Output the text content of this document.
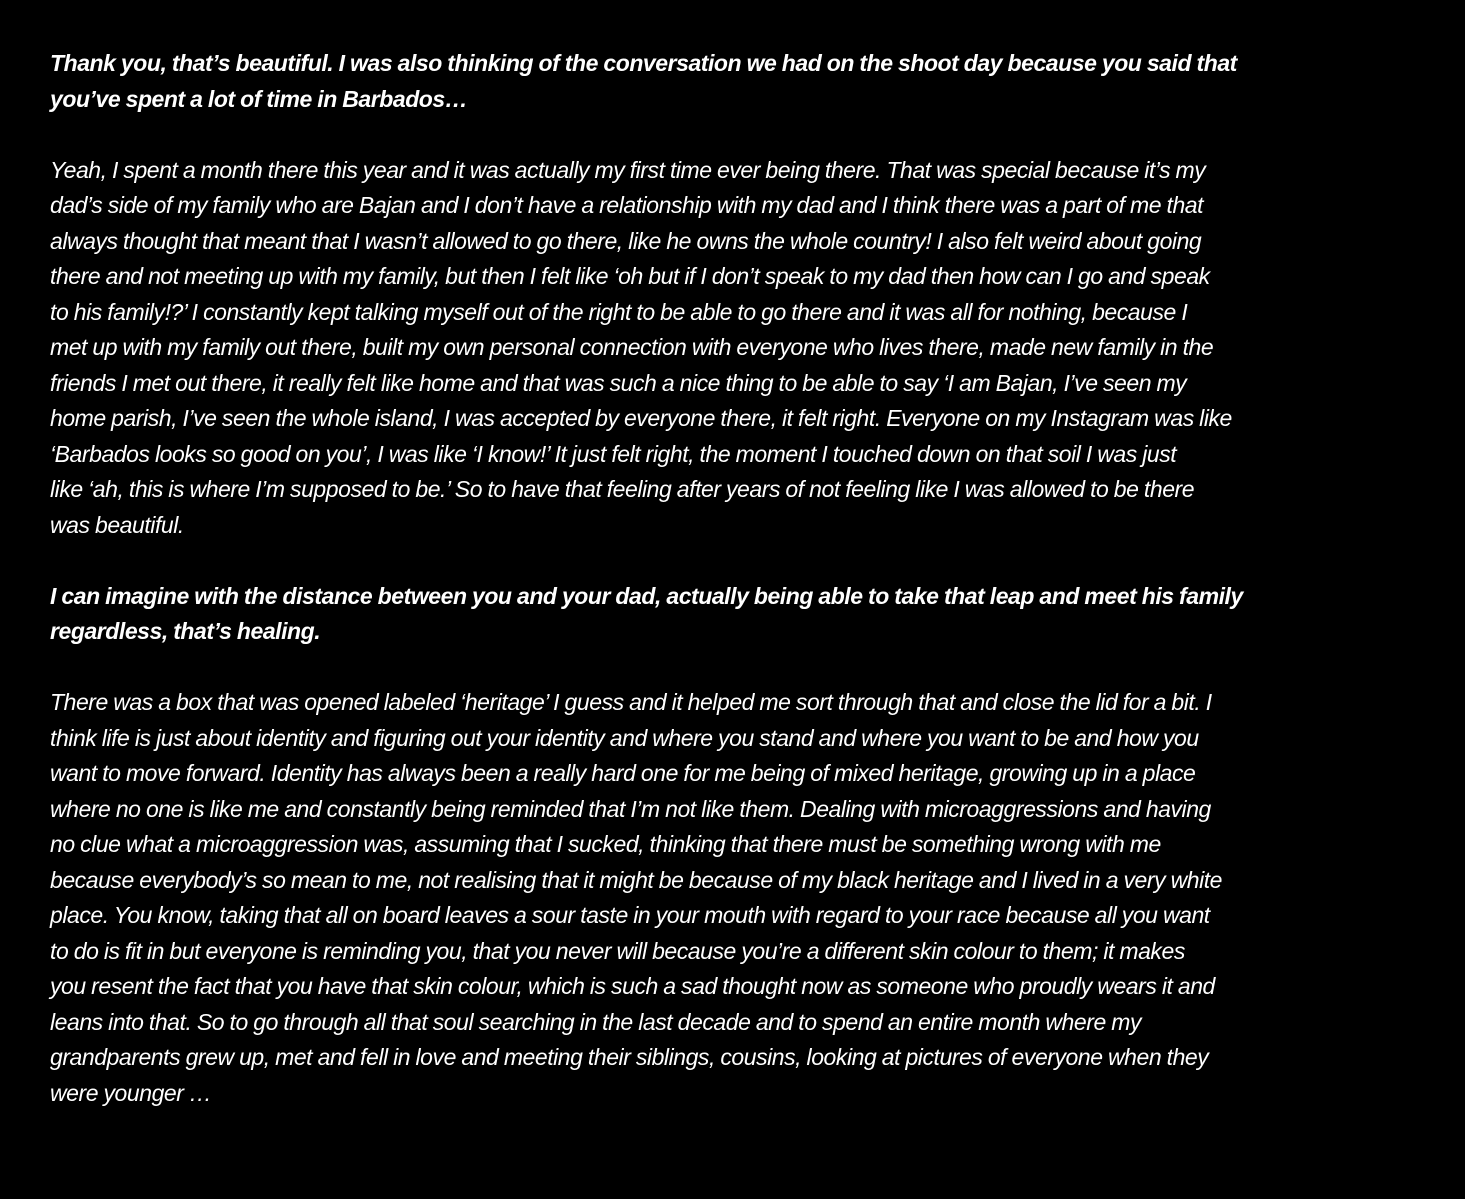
Thank you, that’s beautiful. I was also thinking of the conversation we had on the shoot day because you said that
you’ve spent a lot of time in Barbados…
Yeah, I spent a month there this year and it was actually my first time ever being there. That was special because it’s my
dad’s side of my family who are Bajan and I don’t have a relationship with my dad and I think there was a part of me that
always thought that meant that I wasn’t allowed to go there, like he owns the whole country! I also felt weird about going
there and not meeting up with my family, but then I felt like ‘oh but if I don’t speak to my dad then how can I go and speak
to his family!?’ I constantly kept talking myself out of the right to be able to go there and it was all for nothing, because I
met up with my family out there, built my own personal connection with everyone who lives there, made new family in the
friends I met out there, it really felt like home and that was such a nice thing to be able to say ‘I am Bajan, I’ve seen my
home parish, I’ve seen the whole island, I was accepted by everyone there, it felt right. Everyone on my Instagram was like
‘Barbados looks so good on you’, I was like ‘I know!’ It just felt right, the moment I touched down on that soil I was just
like ‘ah, this is where I’m supposed to be.’ So to have that feeling after years of not feeling like I was allowed to be there
was beautiful.
I can imagine with the distance between you and your dad, actually being able to take that leap and meet his family
regardless, that’s healing.
There was a box that was opened labeled ‘heritage’ I guess and it helped me sort through that and close the lid for a bit. I
think life is just about identity and figuring out your identity and where you stand and where you want to be and how you
want to move forward. Identity has always been a really hard one for me being of mixed heritage, growing up in a place
where no one is like me and constantly being reminded that I’m not like them. Dealing with microaggressions and having
no clue what a microaggression was, assuming that I sucked, thinking that there must be something wrong with me
because everybody’s so mean to me, not realising that it might be because of my black heritage and I lived in a very white
place. You know, taking that all on board leaves a sour taste in your mouth with regard to your race because all you want
to do is fit in but everyone is reminding you, that you never will because you’re a different skin colour to them; it makes
you resent the fact that you have that skin colour, which is such a sad thought now as someone who proudly wears it and
leans into that. So to go through all that soul searching in the last decade and to spend an entire month where my
grandparents grew up, met and fell in love and meeting their siblings, cousins, looking at pictures of everyone when they
were younger …
